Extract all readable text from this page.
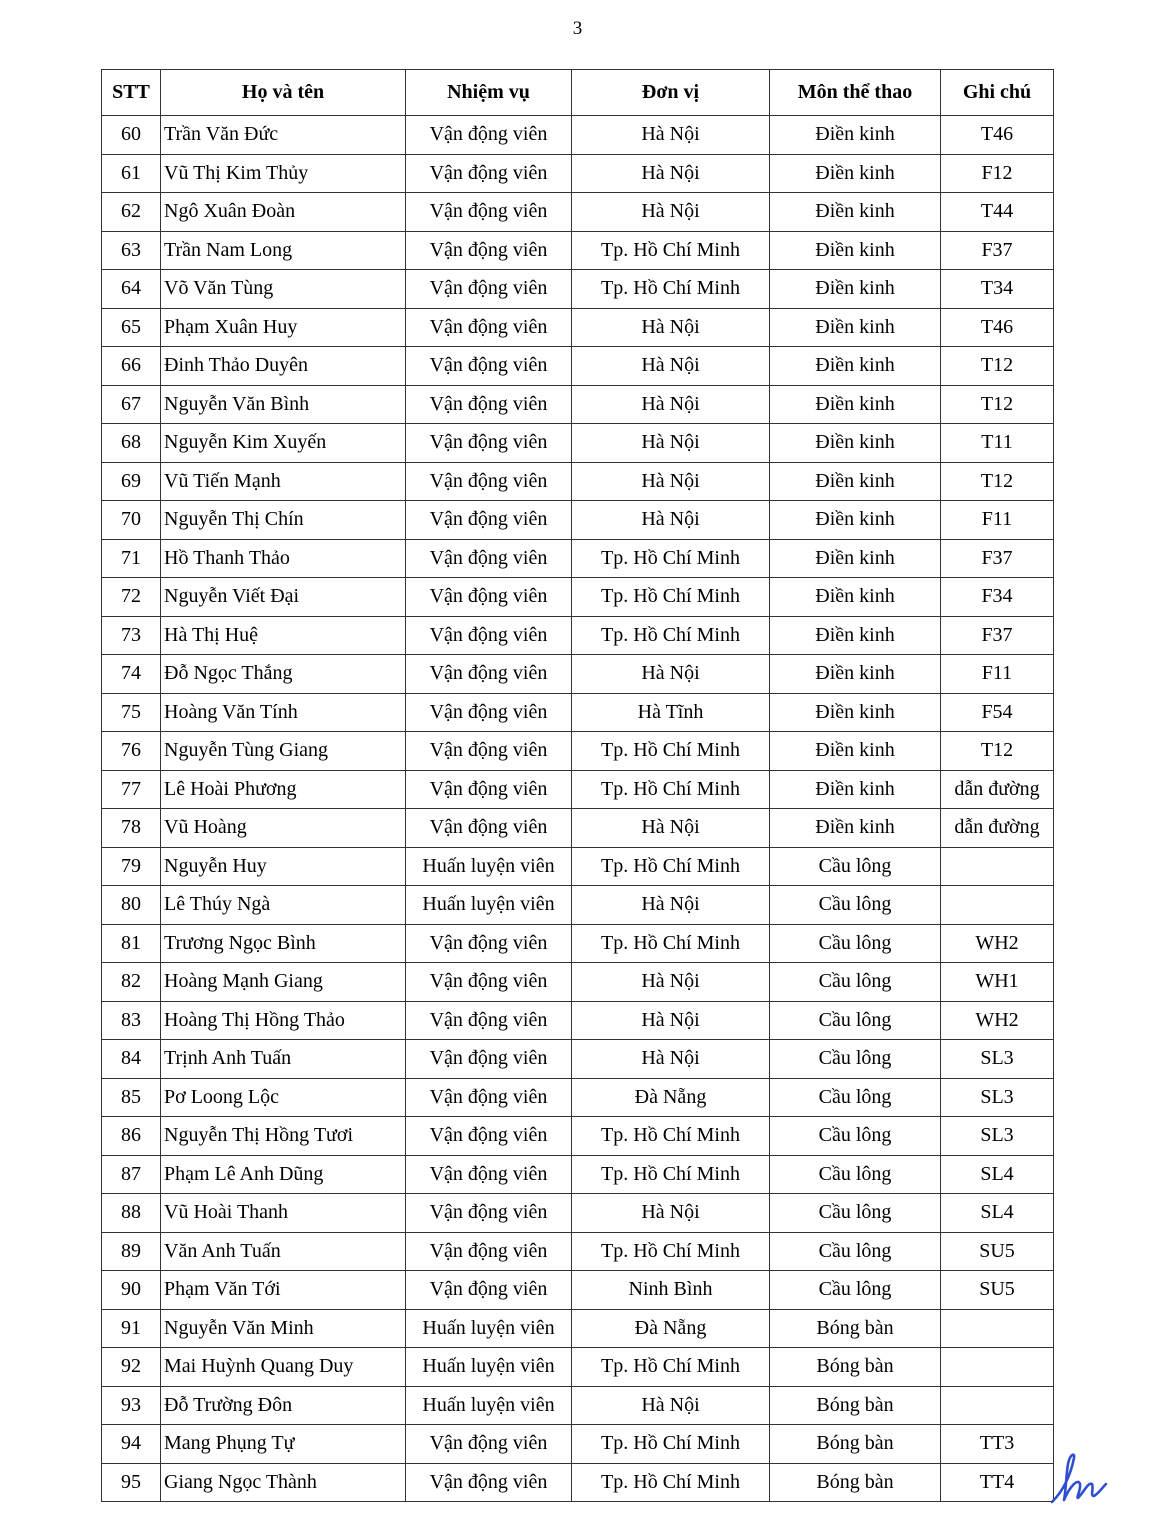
3
STT	Họ và tên	Nhiệm vụ	Đơn vị	Môn thể thao	Ghi chú
60	Trần Văn Đức	Vận động viên	Hà Nội	Điền kinh	T46
61	Vũ Thị Kim Thủy	Vận động viên	Hà Nội	Điền kinh	F12
62	Ngô Xuân Đoàn	Vận động viên	Hà Nội	Điền kinh	T44
63	Trần Nam Long	Vận động viên	Tp. Hồ Chí Minh	Điền kinh	F37
64	Võ Văn Tùng	Vận động viên	Tp. Hồ Chí Minh	Điền kinh	T34
65	Phạm Xuân Huy	Vận động viên	Hà Nội	Điền kinh	T46
66	Đinh Thảo Duyên	Vận động viên	Hà Nội	Điền kinh	T12
67	Nguyễn Văn Bình	Vận động viên	Hà Nội	Điền kinh	T12
68	Nguyễn Kim Xuyến	Vận động viên	Hà Nội	Điền kinh	T11
69	Vũ Tiến Mạnh	Vận động viên	Hà Nội	Điền kinh	T12
70	Nguyễn Thị Chín	Vận động viên	Hà Nội	Điền kinh	F11
71	Hồ Thanh Thảo	Vận động viên	Tp. Hồ Chí Minh	Điền kinh	F37
72	Nguyễn Viết Đại	Vận động viên	Tp. Hồ Chí Minh	Điền kinh	F34
73	Hà Thị Huệ	Vận động viên	Tp. Hồ Chí Minh	Điền kinh	F37
74	Đỗ Ngọc Thắng	Vận động viên	Hà Nội	Điền kinh	F11
75	Hoàng Văn Tính	Vận động viên	Hà Tĩnh	Điền kinh	F54
76	Nguyễn Tùng Giang	Vận động viên	Tp. Hồ Chí Minh	Điền kinh	T12
77	Lê Hoài Phương	Vận động viên	Tp. Hồ Chí Minh	Điền kinh	dẫn đường
78	Vũ Hoàng	Vận động viên	Hà Nội	Điền kinh	dẫn đường
79	Nguyễn Huy	Huấn luyện viên	Tp. Hồ Chí Minh	Cầu lông	
80	Lê Thúy Ngà	Huấn luyện viên	Hà Nội	Cầu lông	
81	Trương Ngọc Bình	Vận động viên	Tp. Hồ Chí Minh	Cầu lông	WH2
82	Hoàng Mạnh Giang	Vận động viên	Hà Nội	Cầu lông	WH1
83	Hoàng Thị Hồng Thảo	Vận động viên	Hà Nội	Cầu lông	WH2
84	Trịnh Anh Tuấn	Vận động viên	Hà Nội	Cầu lông	SL3
85	Pơ Loong Lộc	Vận động viên	Đà Nẵng	Cầu lông	SL3
86	Nguyễn Thị Hồng Tươi	Vận động viên	Tp. Hồ Chí Minh	Cầu lông	SL3
87	Phạm Lê Anh Dũng	Vận động viên	Tp. Hồ Chí Minh	Cầu lông	SL4
88	Vũ Hoài Thanh	Vận động viên	Hà Nội	Cầu lông	SL4
89	Văn Anh Tuấn	Vận động viên	Tp. Hồ Chí Minh	Cầu lông	SU5
90	Phạm Văn Tới	Vận động viên	Ninh Bình	Cầu lông	SU5
91	Nguyễn Văn Minh	Huấn luyện viên	Đà Nẵng	Bóng bàn	
92	Mai Huỳnh Quang Duy	Huấn luyện viên	Tp. Hồ Chí Minh	Bóng bàn	
93	Đỗ Trường Đôn	Huấn luyện viên	Hà Nội	Bóng bàn	
94	Mang Phụng Tự	Vận động viên	Tp. Hồ Chí Minh	Bóng bàn	TT3
95	Giang Ngọc Thành	Vận động viên	Tp. Hồ Chí Minh	Bóng bàn	TT4
